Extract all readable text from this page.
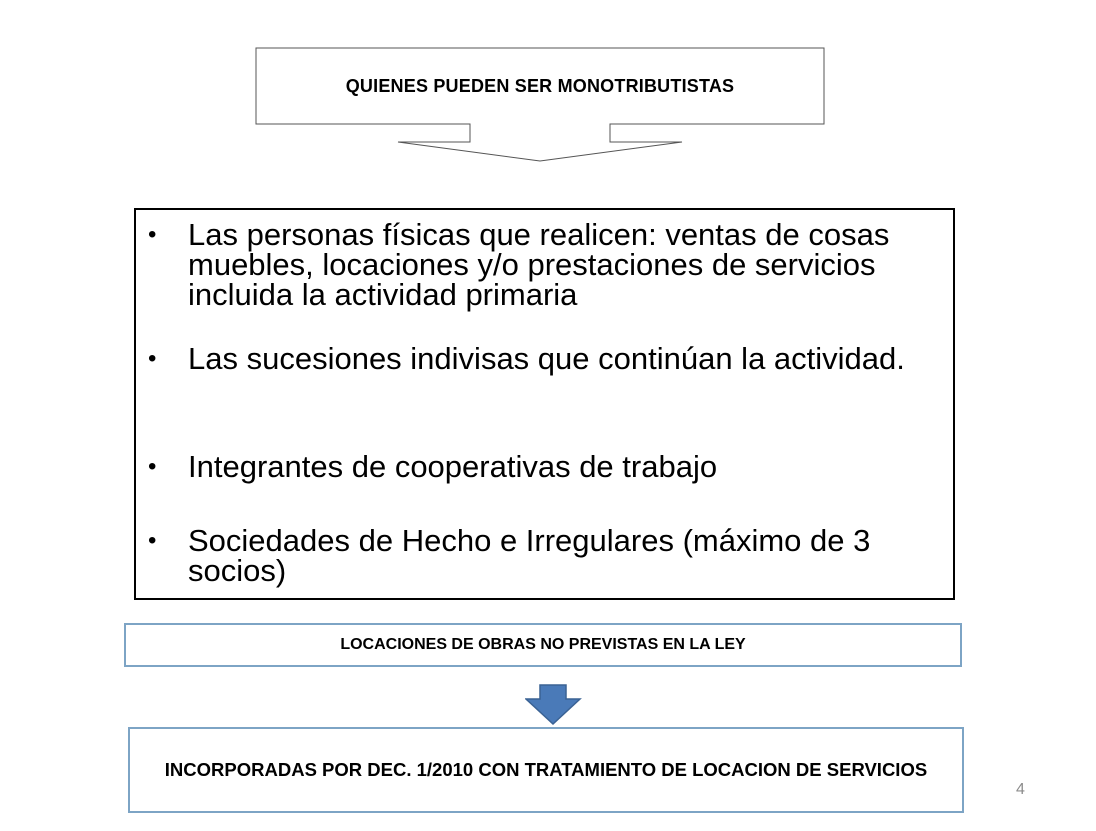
QUIENES PUEDEN SER MONOTRIBUTISTAS
•	Las personas físicas que realicen: ventas de cosas muebles, locaciones y/o prestaciones de servicios incluida la actividad primaria
•	Las sucesiones indivisas que continúan la actividad.
•	Integrantes de cooperativas de trabajo
•	Sociedades de Hecho e Irregulares (máximo de 3 socios)
LOCACIONES DE OBRAS NO PREVISTAS EN LA LEY
INCORPORADAS POR DEC. 1/2010 CON TRATAMIENTO DE LOCACION DE SERVICIOS
4
